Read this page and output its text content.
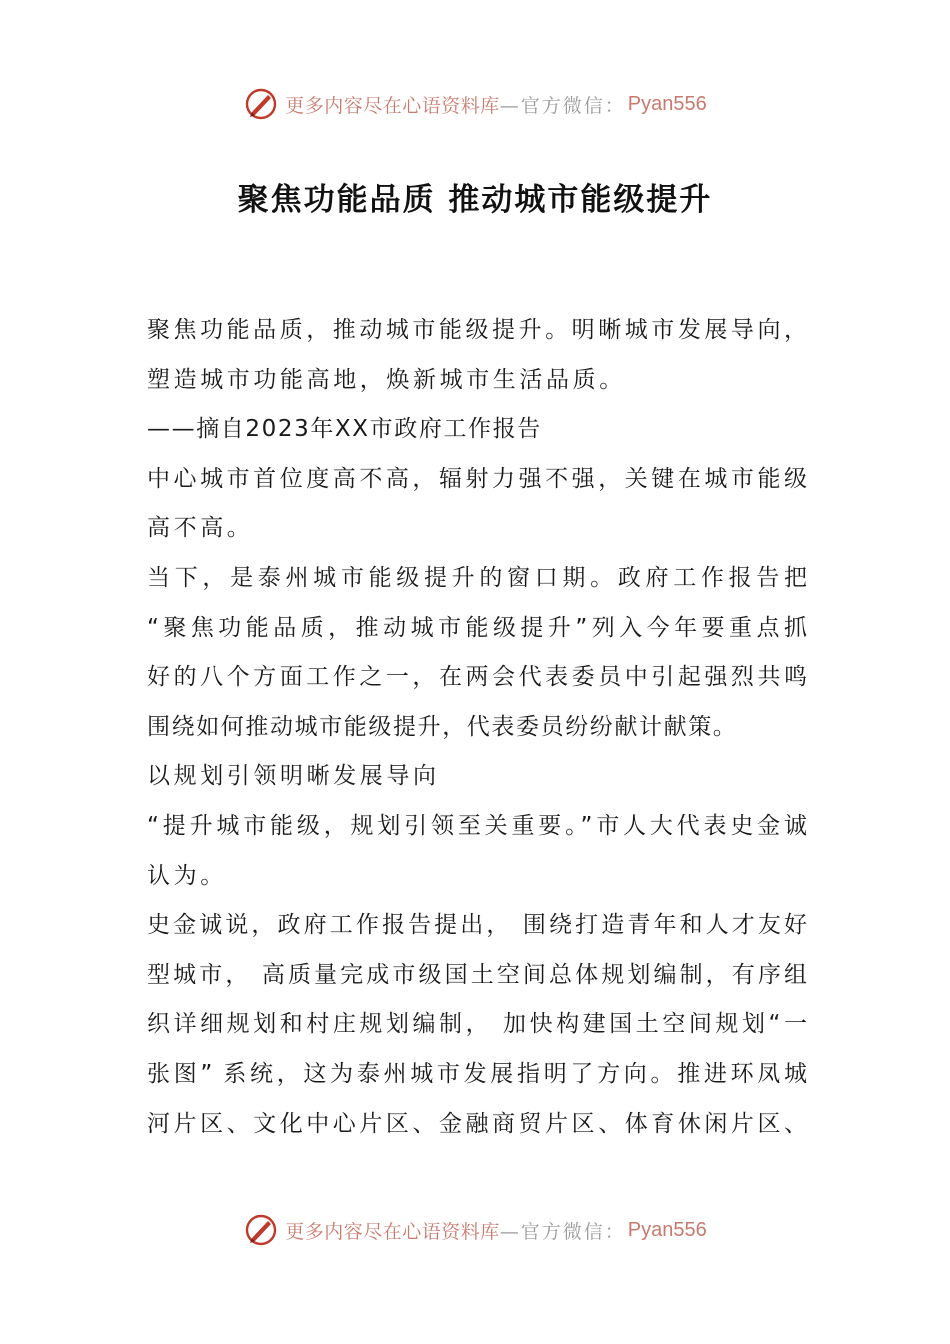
更多内容尽在心语资料库 —官方微信： Pyan556
聚焦功能品质 推动城市能级提升
聚焦功能品质，推动城市能级提升。明晰城市发展导向，
塑造城市功能高地，焕新城市生活品质。
——摘自2023年XX市政府工作报告
中心城市首位度高不高，辐射力强不强，关键在城市能级
高不高。
当下，是泰州城市能级提升的窗口期。政府工作报告把
“聚焦功能品质，推动城市能级提升”列入今年要重点抓
好的八个方面工作之一，在两会代表委员中引起强烈共鸣
围绕如何推动城市能级提升，代表委员纷纷献计献策。
以规划引领明晰发展导向
“提升城市能级，规划引领至关重要。”市人大代表史金诚
认为。
史金诚说，政府工作报告提出， 围绕打造青年和人才友好
型城市， 高质量完成市级国土空间总体规划编制，有序组
织详细规划和村庄规划编制， 加快构建国土空间规划“一
张图” 系统，这为泰州城市发展指明了方向。推进环凤城
河片区、文化中心片区、金融商贸片区、体育休闲片区、
更多内容尽在心语资料库 —官方微信： Pyan556
